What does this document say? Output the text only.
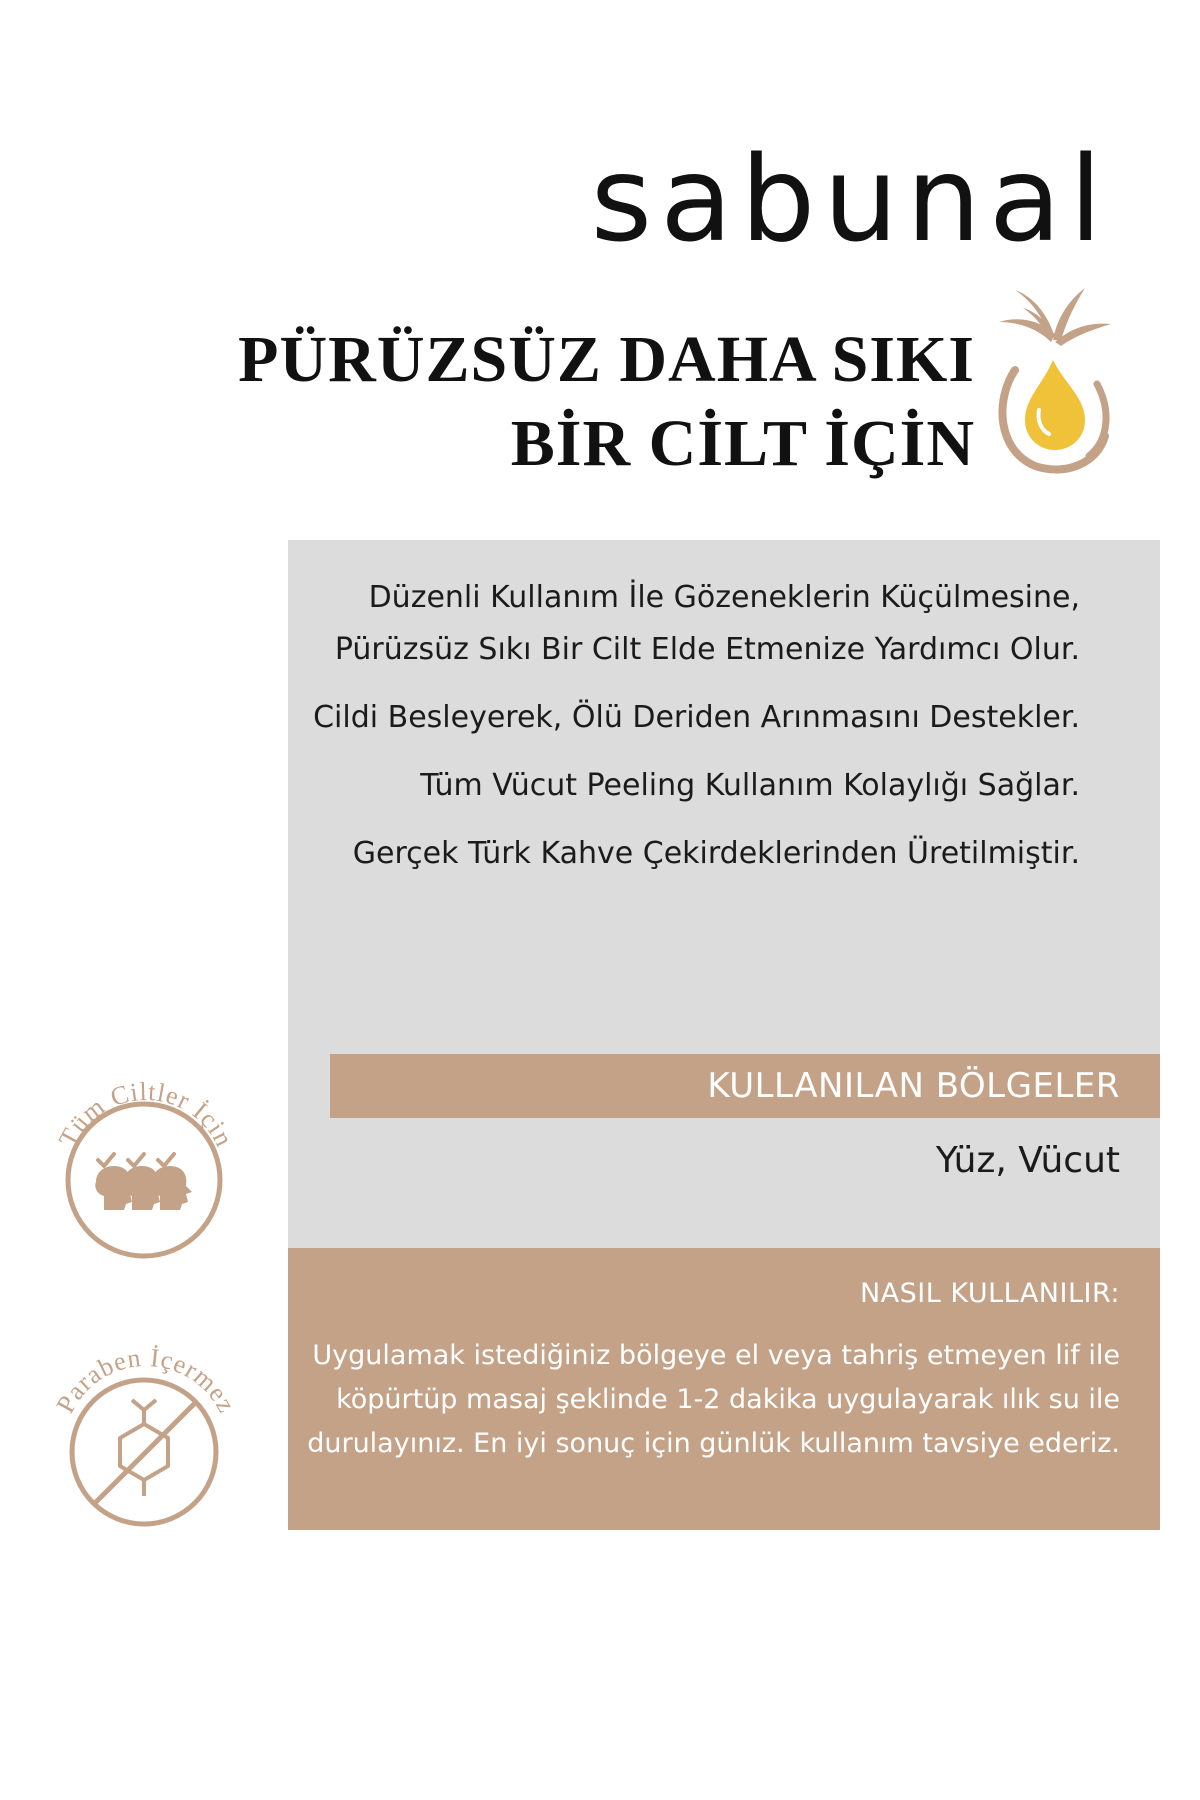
sabunal
PÜRÜZSÜZ DAHA SIKI
BİR CİLT İÇİN

Düzenli Kullanım İle Gözeneklerin Küçülmesine,
Pürüzsüz Sıkı Bir Cilt Elde Etmenize Yardımcı Olur.

Cildi Besleyerek, Ölü Deriden Arınmasını Destekler.

Tüm Vücut Peeling Kullanım Kolaylığı Sağlar.

Gerçek Türk Kahve Çekirdeklerinden Üretilmiştir.

KULLANILAN BÖLGELER
Yüz, Vücut
NASIL KULLANILIR:
Uygulamak istediğiniz bölgeye el veya tahriş etmeyen lif ile
köpürtüp masaj şeklinde 1-2 dakika uygulayarak ılık su ile
durulayınız. En iyi sonuç için günlük kullanım tavsiye ederiz.
Tüm Ciltler İçin
Paraben İçermez
